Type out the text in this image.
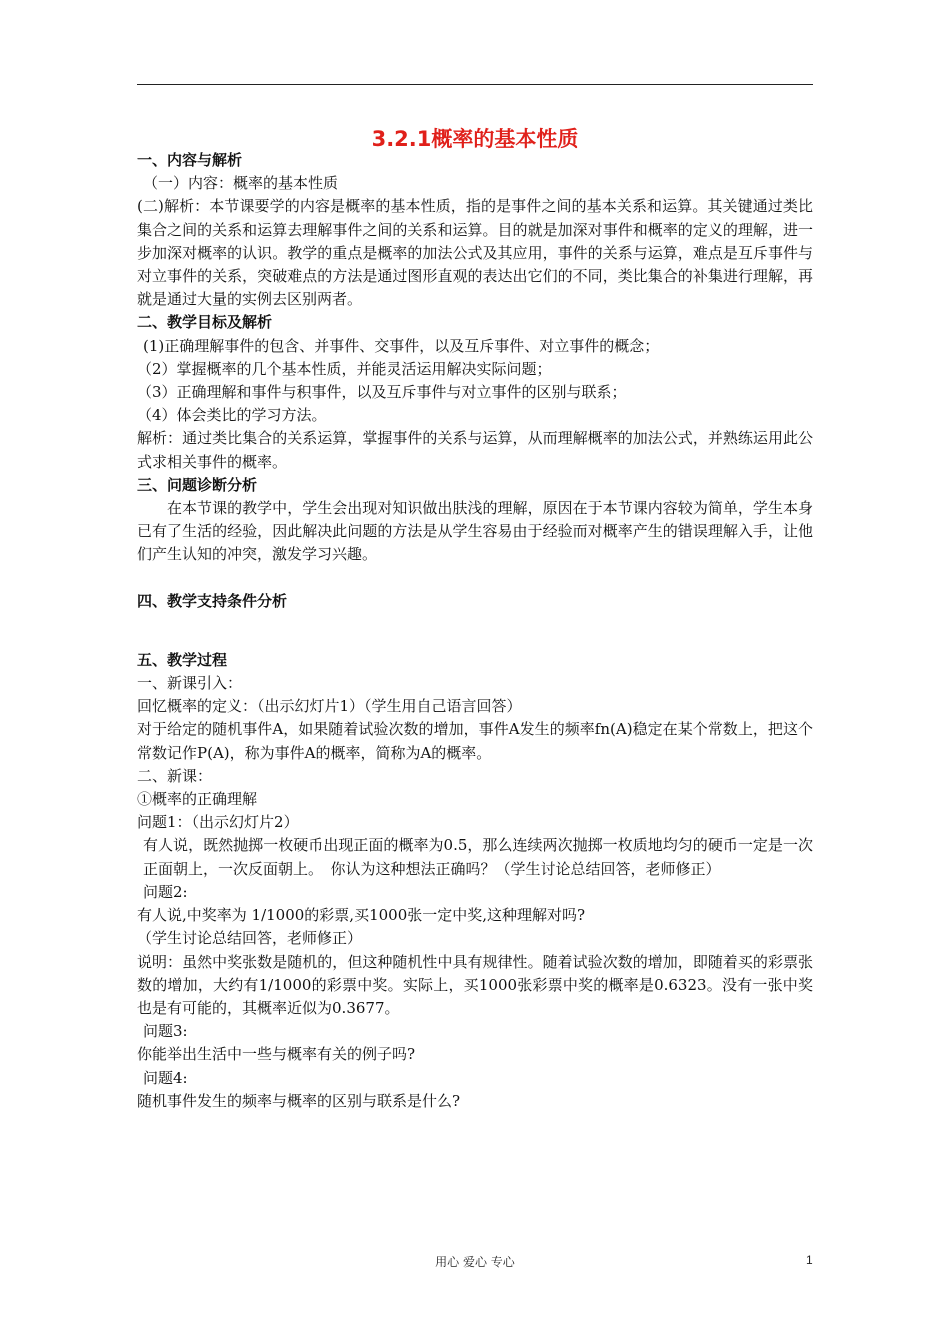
3.2.1概率的基本性质
一、内容与解析

（一）内容：概率的基本性质

(二)解析：本节课要学的内容是概率的基本性质，指的是事件之间的基本关系和运算。其关键通过类比集合之间的关系和运算去理解事件之间的关系和运算。目的就是加深对事件和概率的定义的理解，进一步加深对概率的认识。教学的重点是概率的加法公式及其应用，事件的关系与运算，难点是互斥事件与对立事件的关系，突破难点的方法是通过图形直观的表达出它们的不同，类比集合的补集进行理解，再就是通过大量的实例去区别两者。

二、教学目标及解析

(1)正确理解事件的包含、并事件、交事件，以及互斥事件、对立事件的概念；

（2）掌握概率的几个基本性质，并能灵活运用解决实际问题；

（3）正确理解和事件与积事件，以及互斥事件与对立事件的区别与联系；

（4）体会类比的学习方法。

解析：通过类比集合的关系运算，掌握事件的关系与运算，从而理解概率的加法公式，并熟练运用此公式求相关事件的概率。

三、问题诊断分析

在本节课的教学中，学生会出现对知识做出肤浅的理解，原因在于本节课内容较为简单，学生本身已有了生活的经验，因此解决此问题的方法是从学生容易由于经验而对概率产生的错误理解入手，让他们产生认知的冲突，激发学习兴趣。

四、教学支持条件分析
五、教学过程

一、新课引入：

回忆概率的定义：（出示幻灯片1）（学生用自己语言回答）

对于给定的随机事件A，如果随着试验次数的增加，事件A发生的频率fn(A)稳定在某个常数上，把这个 常数记作P(A)，称为事件A的概率，简称为A的概率。

二、新课：

①概率的正确理解

问题1：（出示幻灯片2）

有人说，既然抛掷一枚硬币出现正面的概率为0.5，那么连续两次抛掷一枚质地均匀的硬币一定是一次正面朝上，一次反面朝上。　你认为这种想法正确吗？（学生讨论总结回答，老师修正）

问题2:

有人说,中奖率为 1/1000的彩票,买1000张一定中奖,这种理解对吗?

（学生讨论总结回答，老师修正）

说明：虽然中奖张数是随机的，但这种随机性中具有规律性。随着试验次数的增加，即随着买的彩票张数的增加，大约有1/1000的彩票中奖。实际上，买1000张彩票中奖的概率是0.6323。没有一张中奖也是有可能的，其概率近似为0.3677。

问题3:

你能举出生活中一些与概率有关的例子吗?

问题4:

随机事件发生的频率与概率的区别与联系是什么?

用心 爱心 专心	1
